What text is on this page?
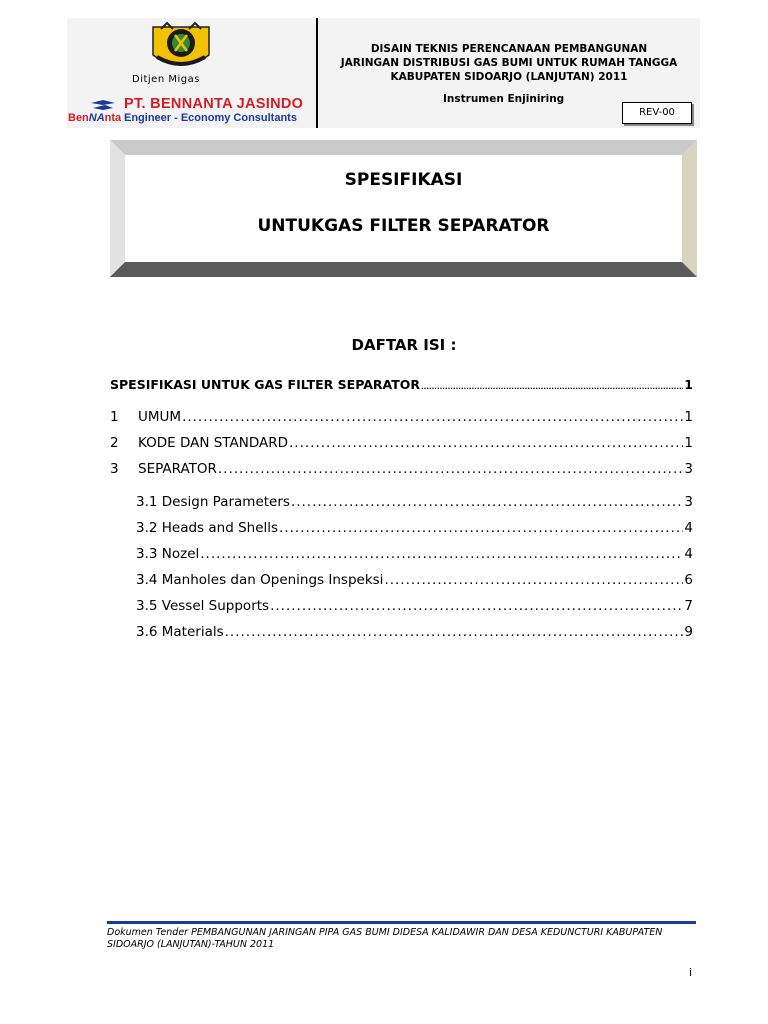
Ditjen Migas
BenNAnta
PT. BENNANTA JASINDO
Engineer - Economy Consultants
DISAIN TEKNIS PERENCANAAN PEMBANGUNAN
JARINGAN DISTRIBUSI GAS BUMI UNTUK RUMAH TANGGA
KABUPATEN SIDOARJO (LANJUTAN) 2011
Instrumen Enjiniring
REV-00
SPESIFIKASI
UNTUKGAS FILTER SEPARATOR
DAFTAR ISI :
SPESIFIKASI UNTUK GAS FILTER SEPARATOR .....	1
1	UMUM .....	1
2	KODE DAN STANDARD .....	1
3	SEPARATOR .....	3
3.1 Design Parameters .....	3
3.2 Heads and Shells .....	4
3.3 Nozel .....	4
3.4 Manholes dan Openings Inspeksi .....	6
3.5 Vessel Supports .....	7
3.6 Materials .....	9
Dokumen Tender PEMBANGUNAN JARINGAN PIPA GAS BUMI DIDESA KALIDAWIR DAN DESA KEDUNCTURI KABUPATEN SIDOARJO (LANJUTAN)-TAHUN 2011
i
